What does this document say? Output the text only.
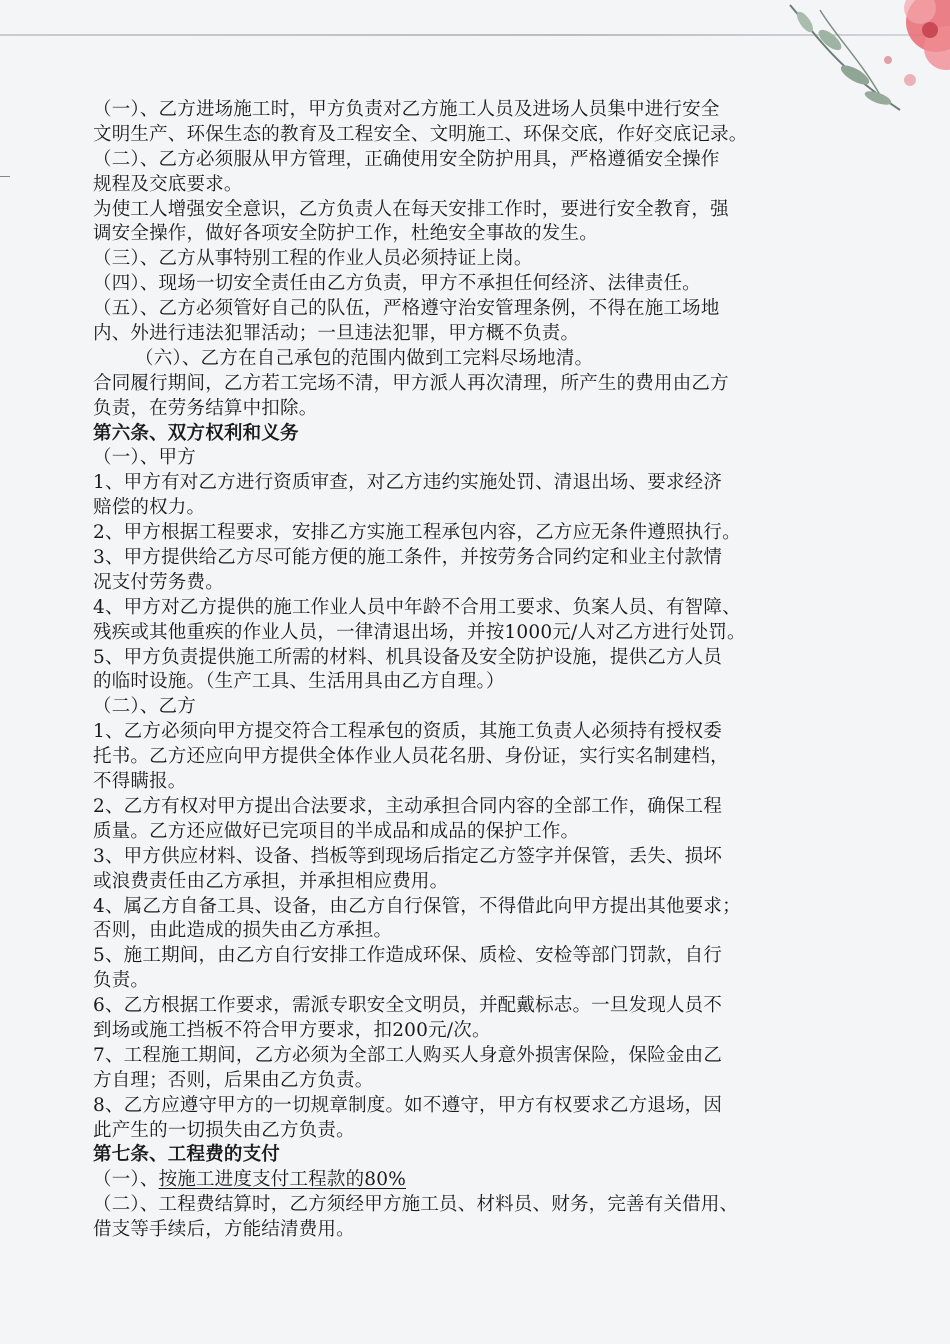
（一）、乙方进场施工时，甲方负责对乙方施工人员及进场人员集中进行安全
文明生产、环保生态的教育及工程安全、文明施工、环保交底，作好交底记录。
（二）、乙方必须服从甲方管理，正确使用安全防护用具，严格遵循安全操作
规程及交底要求。
为使工人增强安全意识，乙方负责人在每天安排工作时，要进行安全教育，强
调安全操作，做好各项安全防护工作，杜绝安全事故的发生。
（三）、乙方从事特别工程的作业人员必须持证上岗。
（四）、现场一切安全责任由乙方负责，甲方不承担任何经济、法律责任。
（五）、乙方必须管好自己的队伍，严格遵守治安管理条例，不得在施工场地
内、外进行违法犯罪活动；一旦违法犯罪，甲方概不负责。
（六）、乙方在自己承包的范围内做到工完料尽场地清。
合同履行期间，乙方若工完场不清，甲方派人再次清理，所产生的费用由乙方
负责，在劳务结算中扣除。
第六条、双方权利和义务
（一）、甲方
1、甲方有对乙方进行资质审查，对乙方违约实施处罚、清退出场、要求经济
赔偿的权力。
2、甲方根据工程要求，安排乙方实施工程承包内容，乙方应无条件遵照执行。
3、甲方提供给乙方尽可能方便的施工条件，并按劳务合同约定和业主付款情
况支付劳务费。
4、甲方对乙方提供的施工作业人员中年龄不合用工要求、负案人员、有智障、
残疾或其他重疾的作业人员，一律清退出场，并按1000元/人对乙方进行处罚。
5、甲方负责提供施工所需的材料、机具设备及安全防护设施，提供乙方人员
的临时设施。（生产工具、生活用具由乙方自理。）
（二）、乙方
1、乙方必须向甲方提交符合工程承包的资质，其施工负责人必须持有授权委
托书。乙方还应向甲方提供全体作业人员花名册、身份证，实行实名制建档，
不得瞒报。
2、乙方有权对甲方提出合法要求，主动承担合同内容的全部工作，确保工程
质量。乙方还应做好已完项目的半成品和成品的保护工作。
3、甲方供应材料、设备、挡板等到现场后指定乙方签字并保管，丢失、损坏
或浪费责任由乙方承担，并承担相应费用。
4、属乙方自备工具、设备，由乙方自行保管，不得借此向甲方提出其他要求；
否则，由此造成的损失由乙方承担。
5、施工期间，由乙方自行安排工作造成环保、质检、安检等部门罚款，自行
负责。
6、乙方根据工作要求，需派专职安全文明员，并配戴标志。一旦发现人员不
到场或施工挡板不符合甲方要求，扣200元/次。
7、工程施工期间，乙方必须为全部工人购买人身意外损害保险，保险金由乙
方自理；否则，后果由乙方负责。
8、乙方应遵守甲方的一切规章制度。如不遵守，甲方有权要求乙方退场，因
此产生的一切损失由乙方负责。
第七条、工程费的支付
（一）、按施工进度支付工程款的80%
（二）、工程费结算时，乙方须经甲方施工员、材料员、财务，完善有关借用、
借支等手续后，方能结清费用。
